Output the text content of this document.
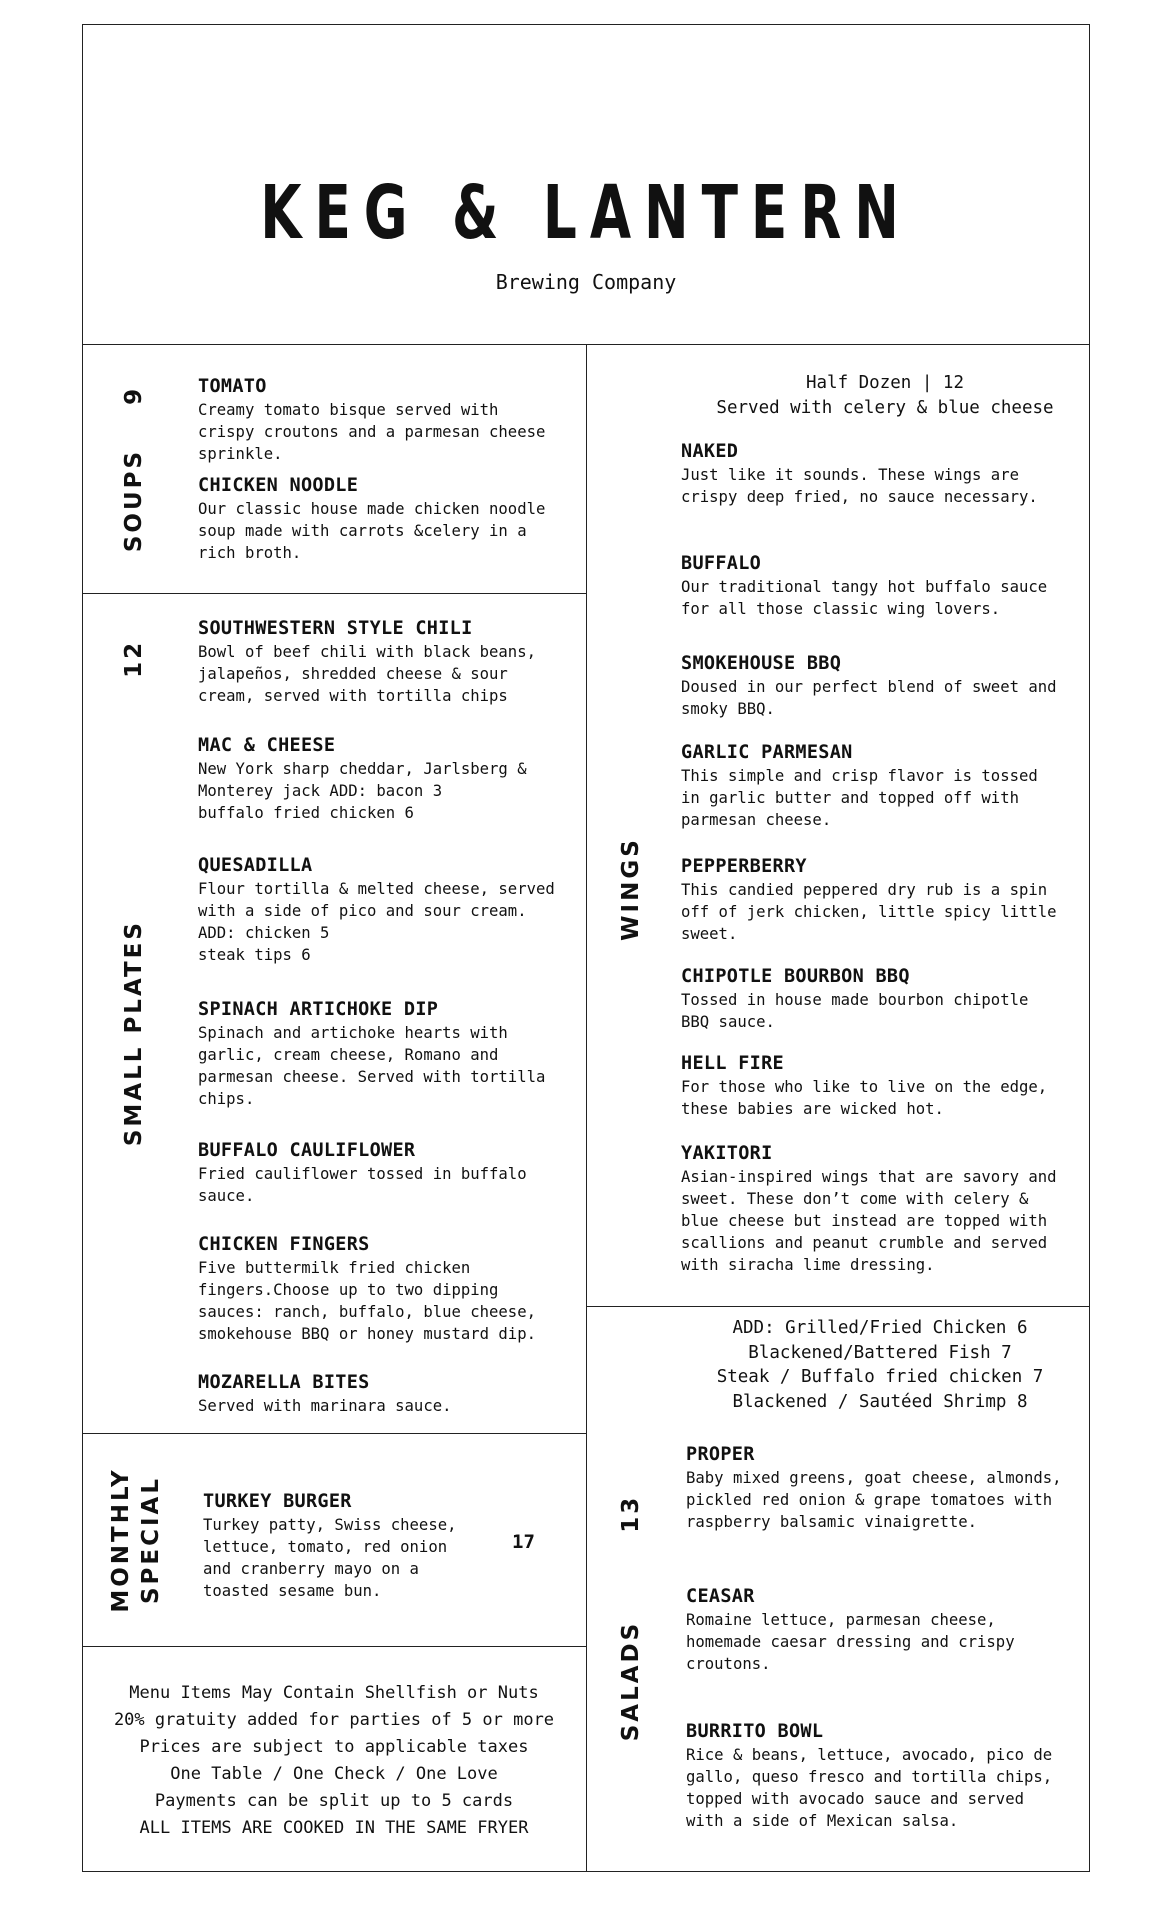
KEG & LANTERN
Brewing Company
SOUPS    9	TOMATO

Creamy tomato bisque served with
crispy croutons and a parmesan cheese
sprinkle.

CHICKEN NOODLE

Our classic house made chicken noodle
soup made with carrots &celery in a
rich broth.

SMALL PLATES                      12
SOUTHWESTERN STYLE CHILI

Bowl of beef chili with black beans,
jalapeños, shredded cheese & sour
cream, served with tortilla chips

MAC & CHEESE

New York sharp cheddar, Jarlsberg &
Monterey jack ADD: bacon 3
buffalo fried chicken 6

QUESADILLA

Flour tortilla & melted cheese, served
with a side of pico and sour cream.
ADD: chicken 5
steak tips 6

SPINACH ARTICHOKE DIP

Spinach and artichoke hearts with
garlic, cream cheese, Romano and
parmesan cheese. Served with tortilla
chips.

BUFFALO CAULIFLOWER

Fried cauliflower tossed in buffalo
sauce.

CHICKEN FINGERS

Five buttermilk fried chicken
fingers.Choose up to two dipping
sauces: ranch, buffalo, blue cheese,
smokehouse BBQ or honey mustard dip.

MOZARELLA BITES

Served with marinara sauce.

MONTHLY SPECIAL TURKEY BURGER

Turkey patty, Swiss cheese,
lettuce, tomato, red onion
and cranberry mayo on a
toasted sesame bun.

17
Menu Items May Contain Shellfish or Nuts
20% gratuity added for parties of 5 or more
Prices are subject to applicable taxes
One Table / One Check / One Love
Payments can be split up to 5 cards
ALL ITEMS ARE COOKED IN THE SAME FRYER
Half Dozen | 12
Served with celery & blue cheese
WINGS
NAKED

Just like it sounds. These wings are
crispy deep fried, no sauce necessary.

BUFFALO

Our traditional tangy hot buffalo sauce
for all those classic wing lovers.

SMOKEHOUSE BBQ

Doused in our perfect blend of sweet and
smoky BBQ.

GARLIC PARMESAN

This simple and crisp flavor is tossed
in garlic butter and topped off with
parmesan cheese.

PEPPERBERRY

This candied peppered dry rub is a spin
off of jerk chicken, little spicy little
sweet.

CHIPOTLE BOURBON BBQ

Tossed in house made bourbon chipotle
BBQ sauce.

HELL FIRE

For those who like to live on the edge,
these babies are wicked hot.

YAKITORI

Asian-inspired wings that are savory and
sweet. These don’t come with celery &
blue cheese but instead are topped with
scallions and peanut crumble and served
with siracha lime dressing.

ADD: Grilled/Fried Chicken 6
Blackened/Battered Fish 7
Steak / Buffalo fried chicken 7
Blackened / Sautéed Shrimp 8
SALADS        13
PROPER

Baby mixed greens, goat cheese, almonds,
pickled red onion & grape tomatoes with
raspberry balsamic vinaigrette.

CEASAR

Romaine lettuce, parmesan cheese,
homemade caesar dressing and crispy
croutons.

BURRITO BOWL

Rice & beans, lettuce, avocado, pico de
gallo, queso fresco and tortilla chips,
topped with avocado sauce and served
with a side of Mexican salsa.
